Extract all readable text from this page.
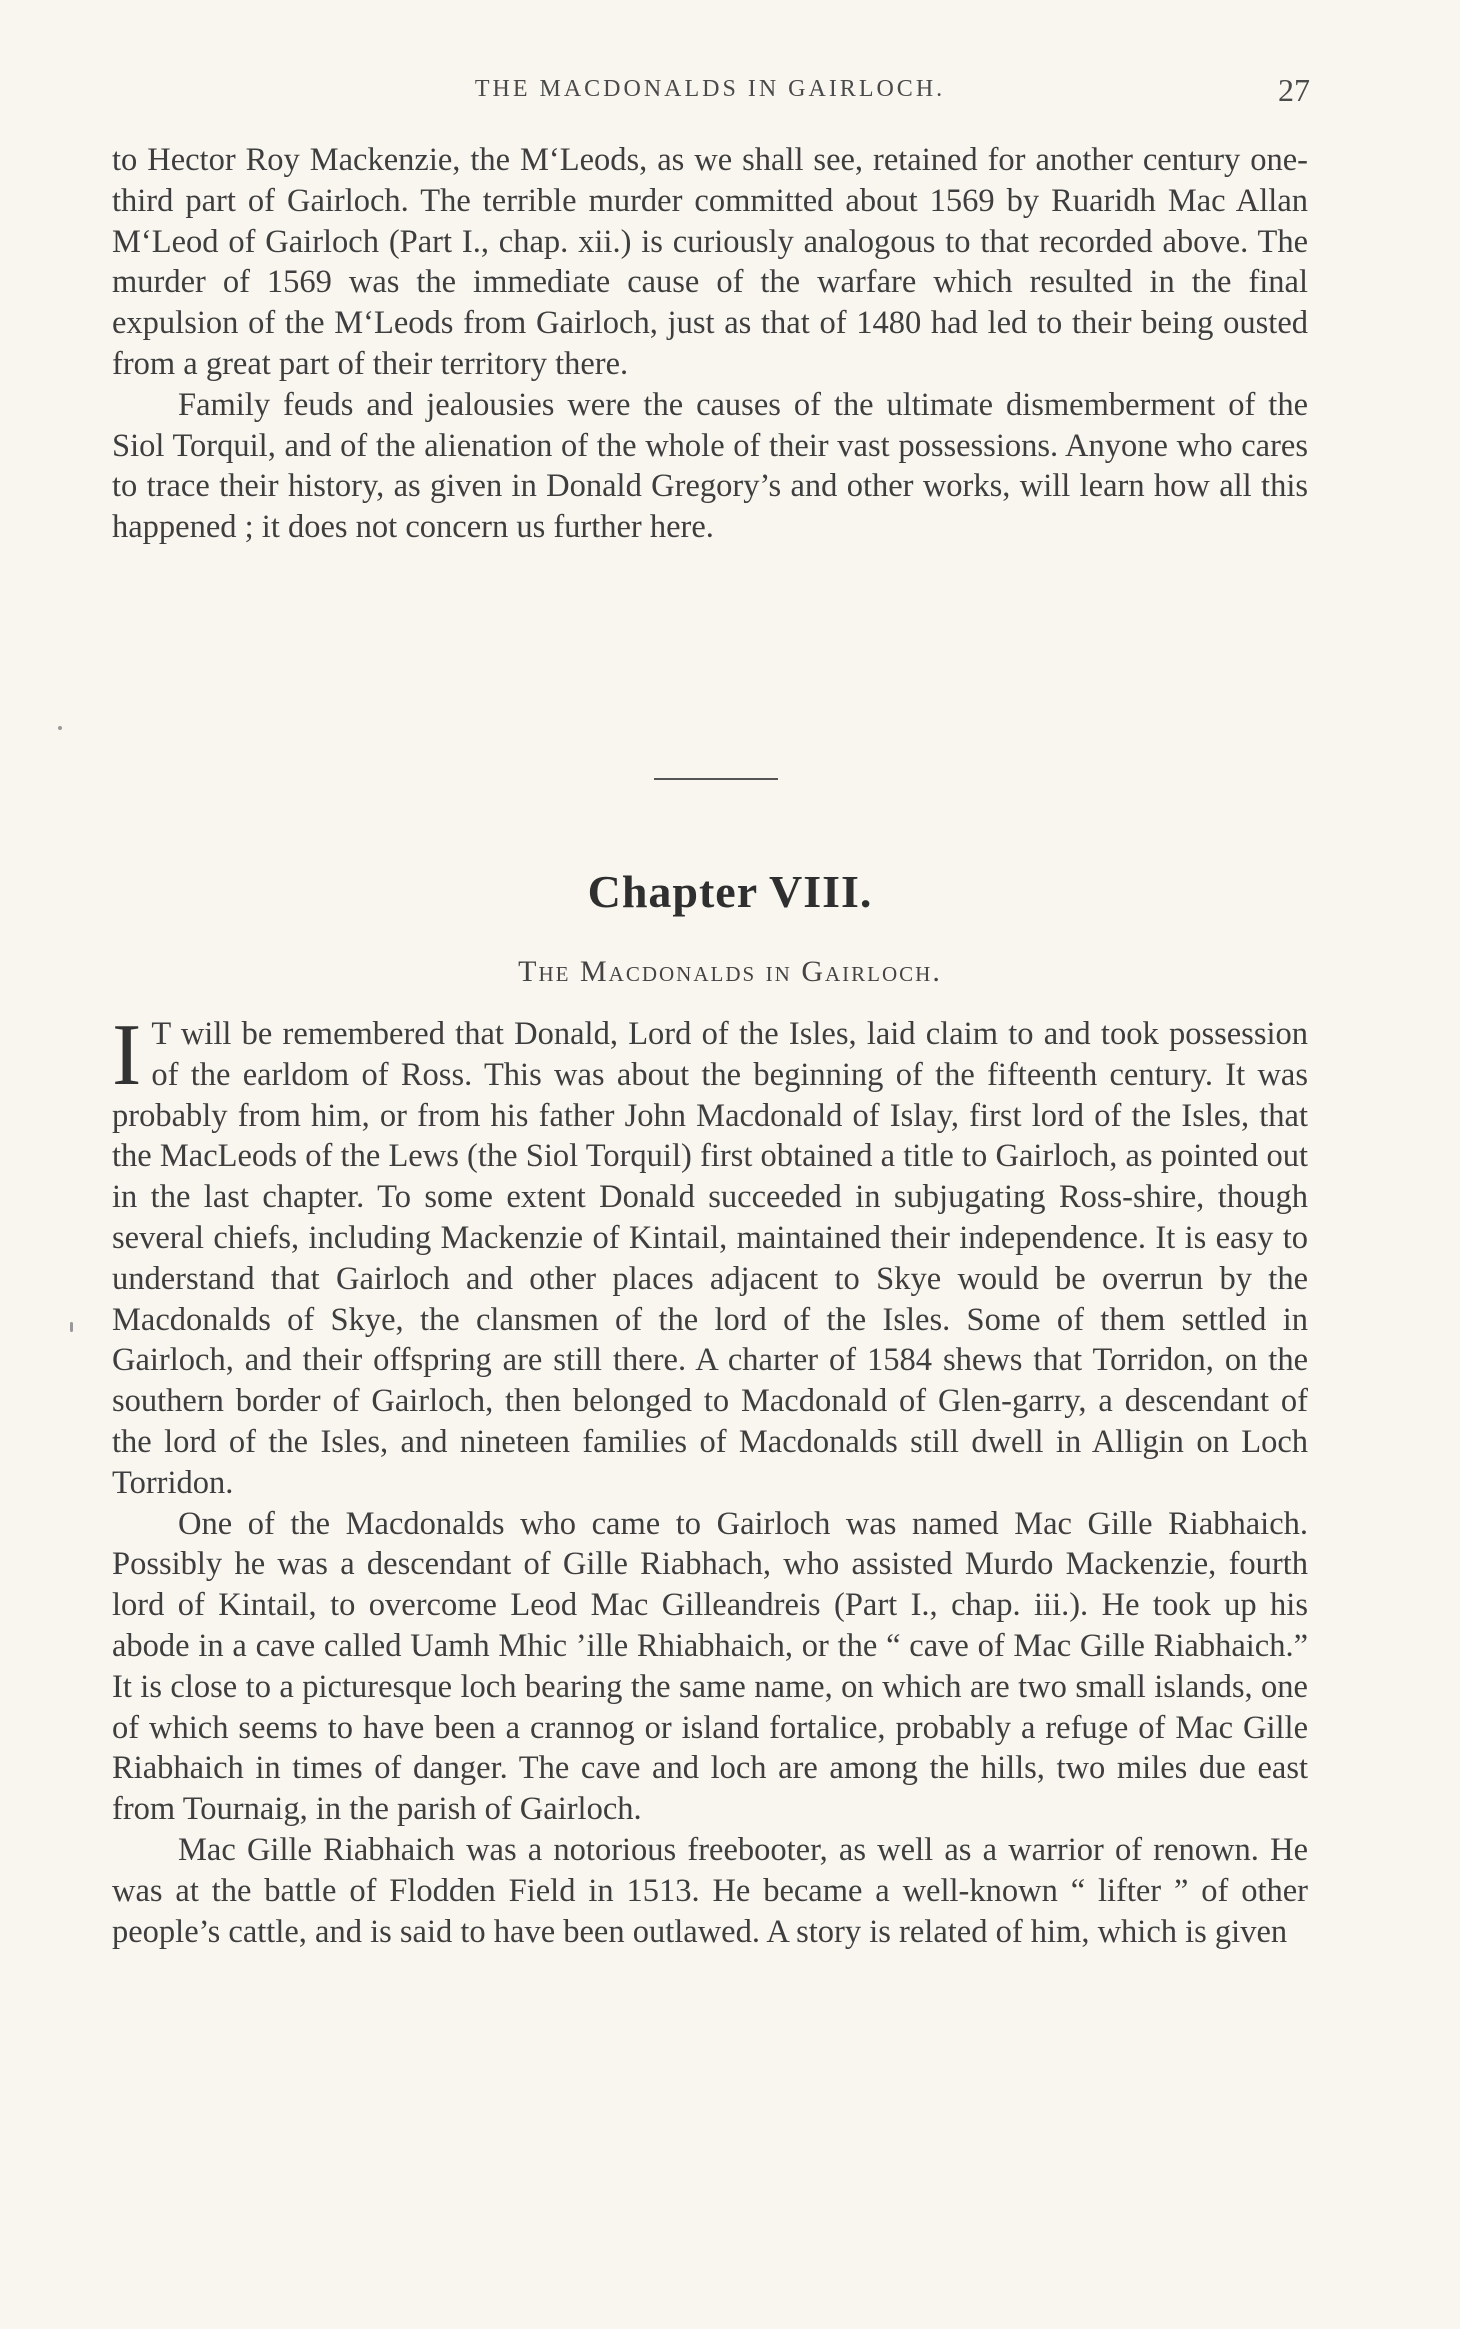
THE MACDONALDS IN GAIRLOCH.	27

to Hector Roy Mackenzie, the M‘Leods, as we shall see, retained for another century one-third part of Gairloch. The terrible murder committed about 1569 by Ruaridh Mac Allan M‘Leod of Gairloch (Part I., chap. xii.) is curiously analogous to that recorded above. The murder of 1569 was the immediate cause of the warfare which resulted in the final expulsion of the M‘Leods from Gairloch, just as that of 1480 had led to their being ousted from a great part of their territory there.

Family feuds and jealousies were the causes of the ultimate dismemberment of the Siol Torquil, and of the alienation of the whole of their vast possessions. Anyone who cares to trace their history, as given in Donald Gregory’s and other works, will learn how all this happened ; it does not concern us further here.

Chapter VIII.
The Macdonalds in Gairloch.

I T will be remembered that Donald, Lord of the Isles, laid claim to and took possession of the earldom of Ross. This was about the beginning of the fifteenth century. It was probably from him, or from his father John Macdonald of Islay, first lord of the Isles, that the MacLeods of the Lews (the Siol Torquil) first obtained a title to Gairloch, as pointed out in the last chapter. To some extent Donald succeeded in subjugating Ross-shire, though several chiefs, including Mackenzie of Kintail, maintained their independence. It is easy to understand that Gairloch and other places adjacent to Skye would be overrun by the Macdonalds of Skye, the clansmen of the lord of the Isles. Some of them settled in Gairloch, and their offspring are still there. A charter of 1584 shews that Torridon, on the southern border of Gairloch, then belonged to Macdonald of Glen-garry, a descendant of the lord of the Isles, and nineteen families of Macdonalds still dwell in Alligin on Loch Torridon.

One of the Macdonalds who came to Gairloch was named Mac Gille Riabhaich. Possibly he was a descendant of Gille Riabhach, who assisted Murdo Mackenzie, fourth lord of Kintail, to overcome Leod Mac Gilleandreis (Part I., chap. iii.). He took up his abode in a cave called Uamh Mhic ’ille Rhiabhaich, or the “ cave of Mac Gille Riabhaich.” It is close to a picturesque loch bearing the same name, on which are two small islands, one of which seems to have been a crannog or island fortalice, probably a refuge of Mac Gille Riabhaich in times of danger. The cave and loch are among the hills, two miles due east from Tournaig, in the parish of Gairloch.

Mac Gille Riabhaich was a notorious freebooter, as well as a warrior of renown. He was at the battle of Flodden Field in 1513. He became a well-known “ lifter ” of other people’s cattle, and is said to have been outlawed. A story is related of him, which is given
